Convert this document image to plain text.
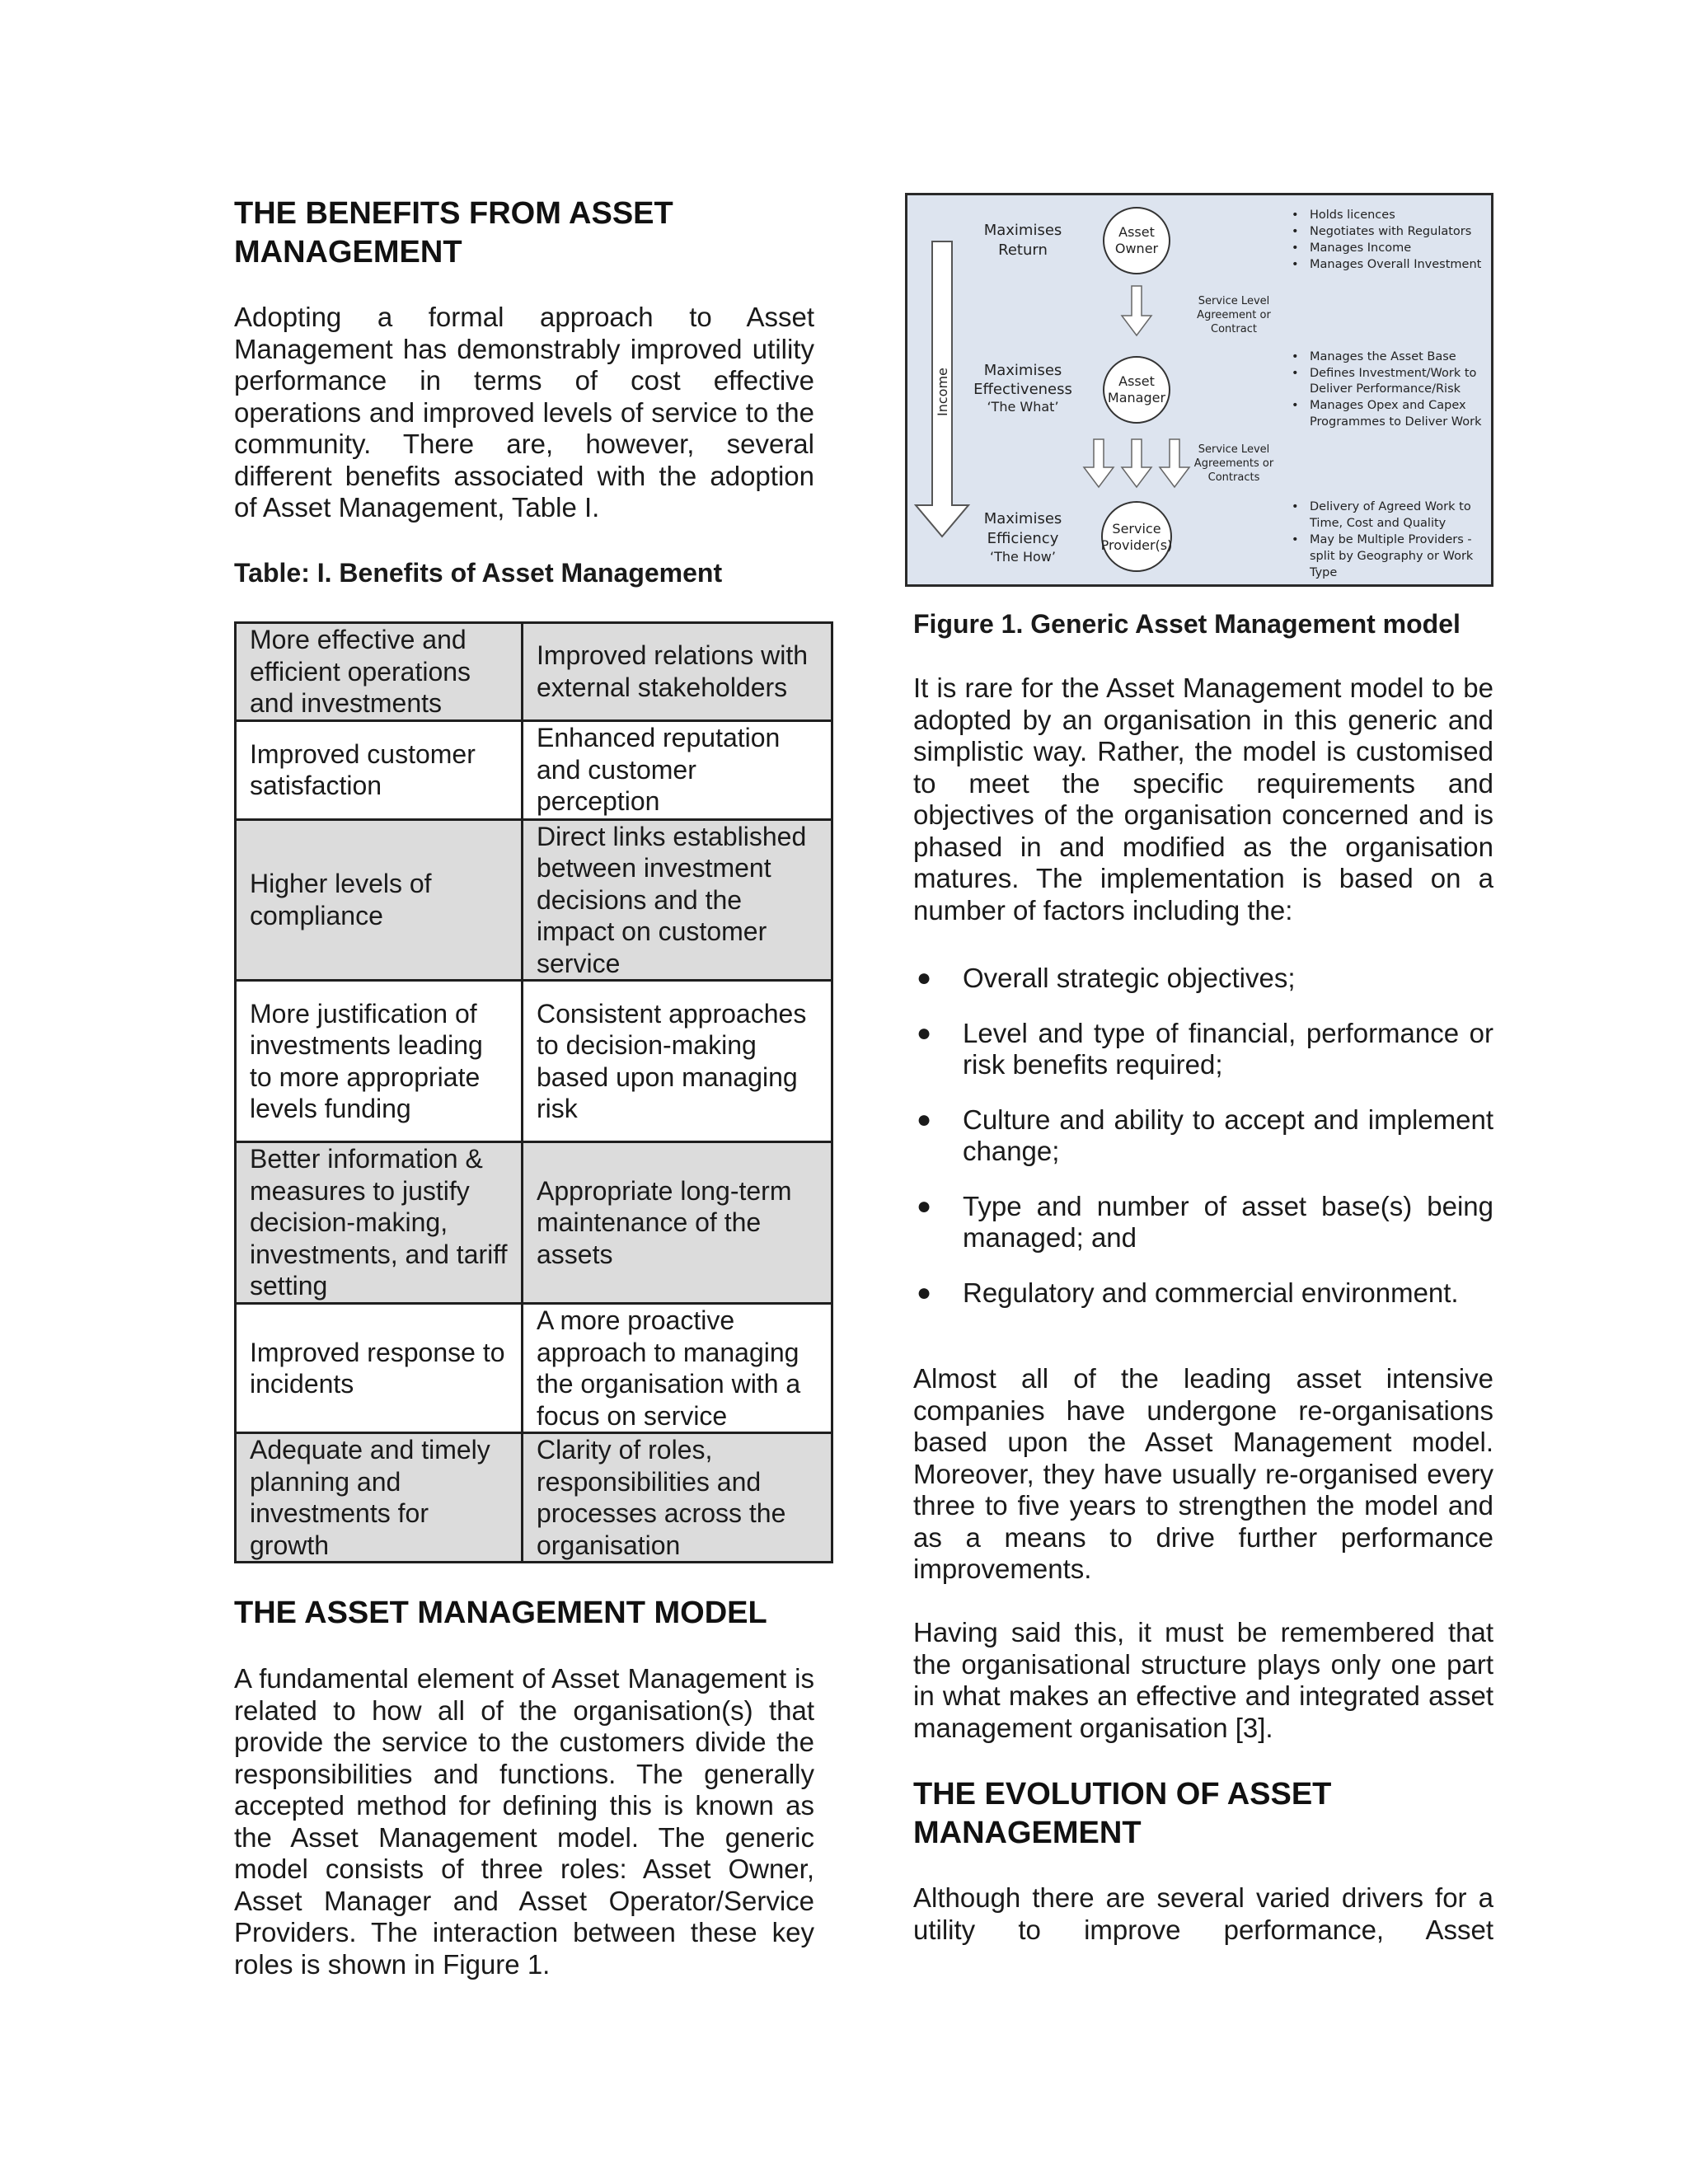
THE BENEFITS FROM ASSET MANAGEMENT

Adopting a formal approach to Asset Management has demonstrably improved utility performance in terms of cost effective operations and improved levels of service to the community. There are, however, several different benefits associated with the adoption of Asset Management, Table I.

Table: I. Benefits of Asset Management

More effective and efficient operations and investments	Improved relations with external stakeholders
Improved customer satisfaction	Enhanced reputation and customer perception
Higher levels of compliance	Direct links established between investment decisions and the impact on customer service
More justification of investments leading to more appropriate levels funding	Consistent approaches to decision-making based upon managing risk
Better information & measures to justify decision-making, investments, and tariff setting	Appropriate long-term maintenance of the assets
Improved response to incidents	A more proactive approach to managing the organisation with a focus on service
Adequate and timely planning and investments for growth	Clarity of roles, responsibilities and processes across the organisation
THE ASSET MANAGEMENT MODEL

A fundamental element of Asset Management is related to how all of the organisation(s) that provide the service to the customers divide the responsibilities and functions. The generally accepted method for defining this is known as the Asset Management model. The generic model consists of three roles: Asset Owner, Asset Manager and Asset Operator/Service Providers. The interaction between these key roles is shown in Figure 1.

Income
Maximises
Return
Maximises
Effectiveness
‘The What’
Maximises
Efficiency
‘The How’
Asset
Owner
Asset
Manager
Service
Provider(s)
Service Level
Agreement or
Contract
Service Level
Agreements or
Contracts
• Holds licences
• Negotiates with Regulators
• Manages Income
• Manages Overall Investment
• Manages the Asset Base
• Defines Investment/Work to
Deliver Performance/Risk
• Manages Opex and Capex
Programmes to Deliver Work
• Delivery of Agreed Work to
Time, Cost and Quality
• May be Multiple Providers -
split by Geography or Work
Type

Figure 1. Generic Asset Management model

It is rare for the Asset Management model to be adopted by an organisation in this generic and simplistic way. Rather, the model is customised to meet the specific requirements and objectives of the organisation concerned and is phased in and modified as the organisation matures. The implementation is based on a number of factors including the:

● Overall strategic objectives;
● Level and type of financial, performance or risk benefits required;
● Culture and ability to accept and implement change;
● Type and number of asset base(s) being managed; and
● Regulatory and commercial environment.

Almost all of the leading asset intensive companies have undergone re-organisations based upon the Asset Management model. Moreover, they have usually re-organised every three to five years to strengthen the model and as a means to drive further performance improvements.

Having said this, it must be remembered that the organisational structure plays only one part in what makes an effective and integrated asset management organisation [3].

THE EVOLUTION OF ASSET MANAGEMENT

Although there are several varied drivers for a utility to improve performance, Asset
